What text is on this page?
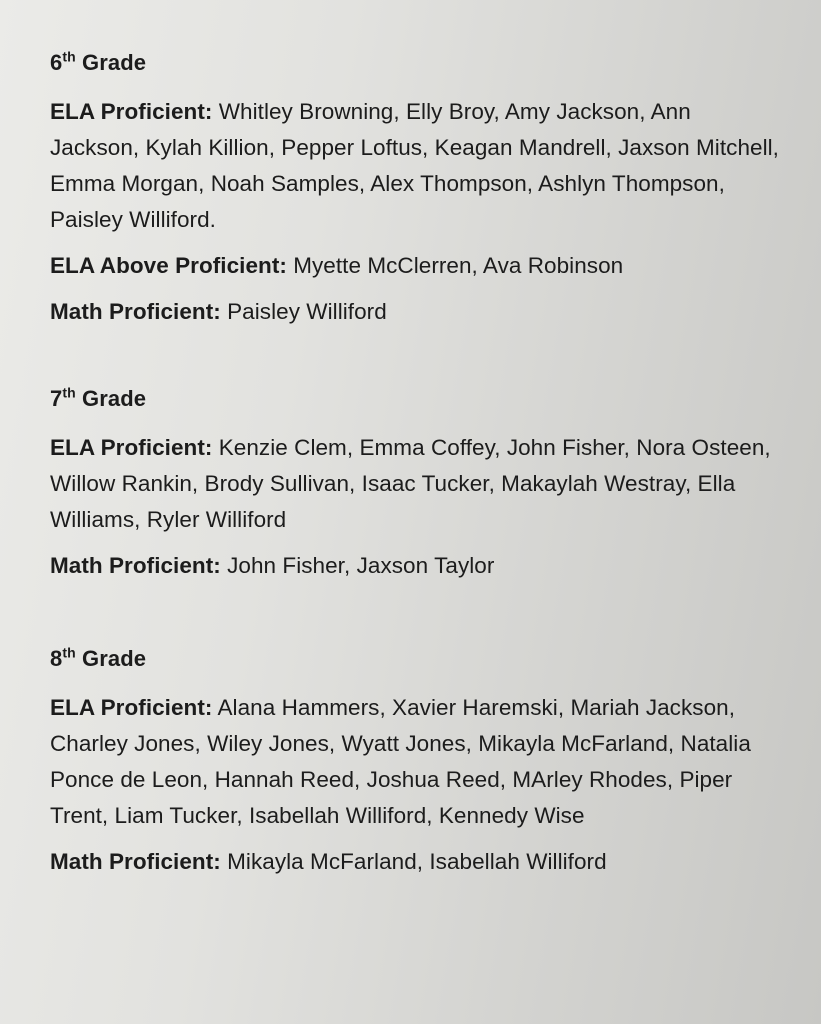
6th Grade

ELA Proficient: Whitley Browning, Elly Broy, Amy Jackson, Ann Jackson, Kylah Killion, Pepper Loftus, Keagan Mandrell, Jaxson Mitchell, Emma Morgan, Noah Samples, Alex Thompson, Ashlyn Thompson, Paisley Williford.

ELA Above Proficient: Myette McClerren, Ava Robinson

Math Proficient: Paisley Williford

7th Grade

ELA Proficient: Kenzie Clem, Emma Coffey, John Fisher, Nora Osteen, Willow Rankin, Brody Sullivan, Isaac Tucker, Makaylah Westray, Ella Williams, Ryler Williford

Math Proficient: John Fisher, Jaxson Taylor

8th Grade

ELA Proficient: Alana Hammers, Xavier Haremski, Mariah Jackson, Charley Jones, Wiley Jones, Wyatt Jones, Mikayla McFarland, Natalia Ponce de Leon, Hannah Reed, Joshua Reed, MArley Rhodes, Piper Trent, Liam Tucker, Isabellah Williford, Kennedy Wise

Math Proficient: Mikayla McFarland, Isabellah Williford
